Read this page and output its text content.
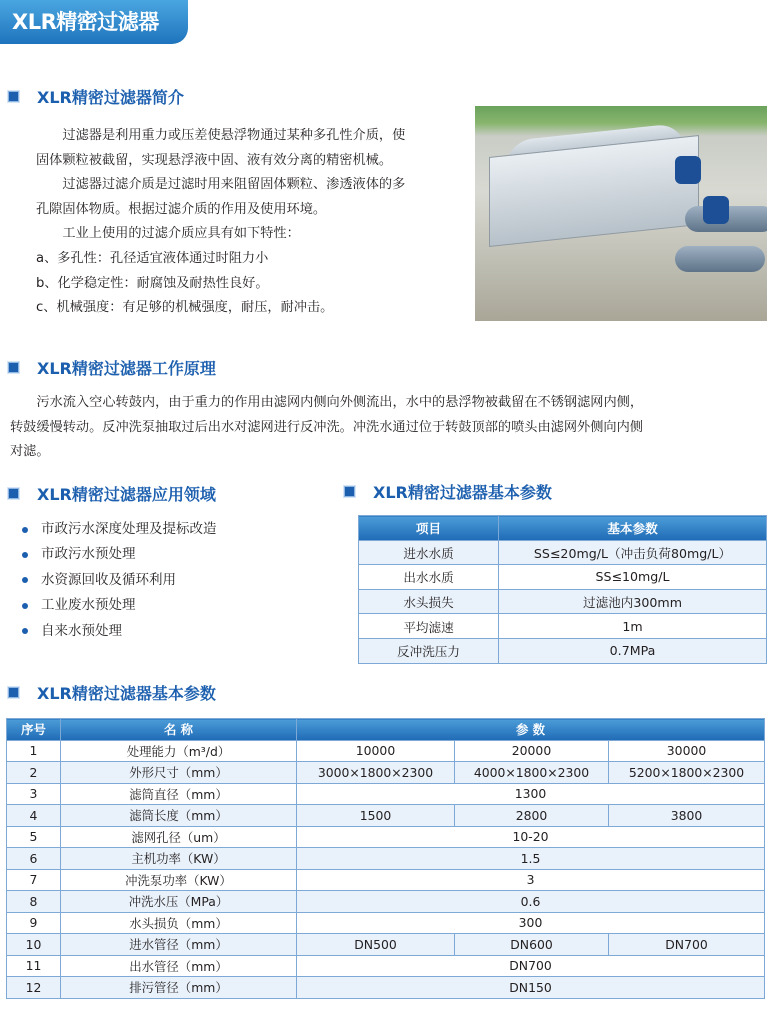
XLR精密过滤器
XLR精密过滤器简介

过滤器是利用重力或压差使悬浮物通过某种多孔性介质，使

固体颗粒被截留，实现悬浮液中固、液有效分离的精密机械。

过滤器过滤介质是过滤时用来阻留固体颗粒、渗透液体的多

孔隙固体物质。根据过滤介质的作用及使用环境。

工业上使用的过滤介质应具有如下特性：

a、多孔性：孔径适宜液体通过时阻力小

b、化学稳定性：耐腐蚀及耐热性良好。

c、机械强度：有足够的机械强度，耐压，耐冲击。

XLR精密过滤器工作原理

污水流入空心转鼓内，由于重力的作用由滤网内侧向外侧流出，水中的悬浮物被截留在不锈钢滤网内侧，

转鼓缓慢转动。反冲洗泵抽取过后出水对滤网进行反冲洗。冲洗水通过位于转鼓顶部的喷头由滤网外侧向内侧

对滤。

XLR精密过滤器应用领域
市政污水深度处理及提标改造
市政污水预处理
水资源回收及循环利用
工业废水预处理
自来水预处理
XLR精密过滤器基本参数
项目	基本参数
进水水质	SS≤20mg/L（冲击负荷80mg/L）
出水水质	SS≤10mg/L
水头损失	过滤池内300mm
平均滤速	1m
反冲洗压力	0.7MPa
XLR精密过滤器基本参数
序号	名 称	参 数		
1	处理能力（m³/d）	10000	20000	30000
2	外形尺寸（mm）	3000×1800×2300	4000×1800×2300	5200×1800×2300
3	滤筒直径（mm）	1300		
4	滤筒长度（mm）	1500	2800	3800
5	滤网孔径（um）	10-20		
6	主机功率（KW）	1.5		
7	冲洗泵功率（KW）	3		
8	冲洗水压（MPa）	0.6		
9	水头损负（mm）	300		
10	进水管径（mm）	DN500	DN600	DN700
11	出水管径（mm）	DN700		
12	排污管径（mm）	DN150		
